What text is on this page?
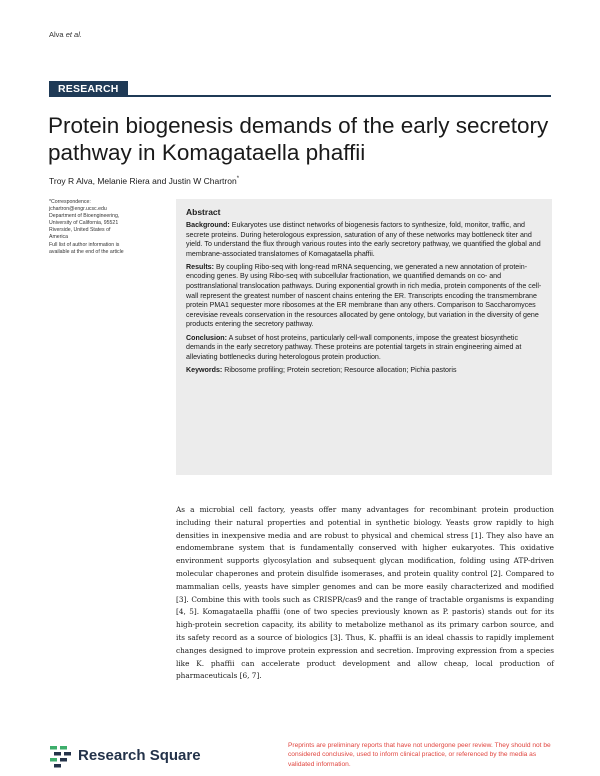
Alva et al.
RESEARCH
Protein biogenesis demands of the early secretory pathway in Komagataella phaffii
Troy R Alva, Melanie Riera and Justin W Chartron*
*Correspondence:
jchartron@engr.ucsc.edu
Department of Bioengineering,
University of California, 95521
Riverside, United States of
America
Full list of author information is
available at the end of the article
Abstract

Background: Eukaryotes use distinct networks of biogenesis factors to synthesize, fold, monitor, traffic, and secrete proteins. During heterologous expression, saturation of any of these networks may bottleneck titer and yield. To understand the flux through various routes into the early secretory pathway, we quantified the global and membrane-associated translatomes of Komagataella phaffii.

Results: By coupling Ribo-seq with long-read mRNA sequencing, we generated a new annotation of protein-encoding genes. By using Ribo-seq with subcellular fractionation, we quantified demands on co- and posttranslational translocation pathways. During exponential growth in rich media, protein components of the cell-wall represent the greatest number of nascent chains entering the ER. Transcripts encoding the transmembrane protein PMA1 sequester more ribosomes at the ER membrane than any others. Comparison to Saccharomyces cerevisiae reveals conservation in the resources allocated by gene ontology, but variation in the diversity of gene products entering the secretory pathway.

Conclusion: A subset of host proteins, particularly cell-wall components, impose the greatest biosynthetic demands in the early secretory pathway. These proteins are potential targets in strain engineering aimed at alleviating bottlenecks during heterologous protein production.

Keywords: Ribosome profiling; Protein secretion; Resource allocation; Pichia pastoris

As a microbial cell factory, yeasts offer many advantages for recombinant protein production including their natural properties and potential in synthetic biology. Yeasts grow rapidly to high densities in inexpensive media and are robust to physical and chemical stress [1]. They also have an endomembrane system that is fundamentally conserved with higher eukaryotes. This oxidative environment supports glycosylation and subsequent glycan modification, folding using ATP-driven molecular chaperones and protein disulfide isomerases, and protein quality control [2]. Compared to mammalian cells, yeasts have simpler genomes and can be more easily characterized and modified [3]. Combine this with tools such as CRISPR/cas9 and the range of tractable organisms is expanding [4, 5]. Komagataella phaffii (one of two species previously known as P. pastoris) stands out for its high-protein secretion capacity, its ability to metabolize methanol as its primary carbon source, and its safety record as a source of biologics [3]. Thus, K. phaffii is an ideal chassis to rapidly implement changes designed to improve protein expression and secretion. Improving expression from a species like K. phaffii can accelerate product development and allow cheap, local production of pharmaceuticals [6, 7].
Research Square
Preprints are preliminary reports that have not undergone peer review. They should not be considered conclusive, used to inform clinical practice, or referenced by the media as validated information.
